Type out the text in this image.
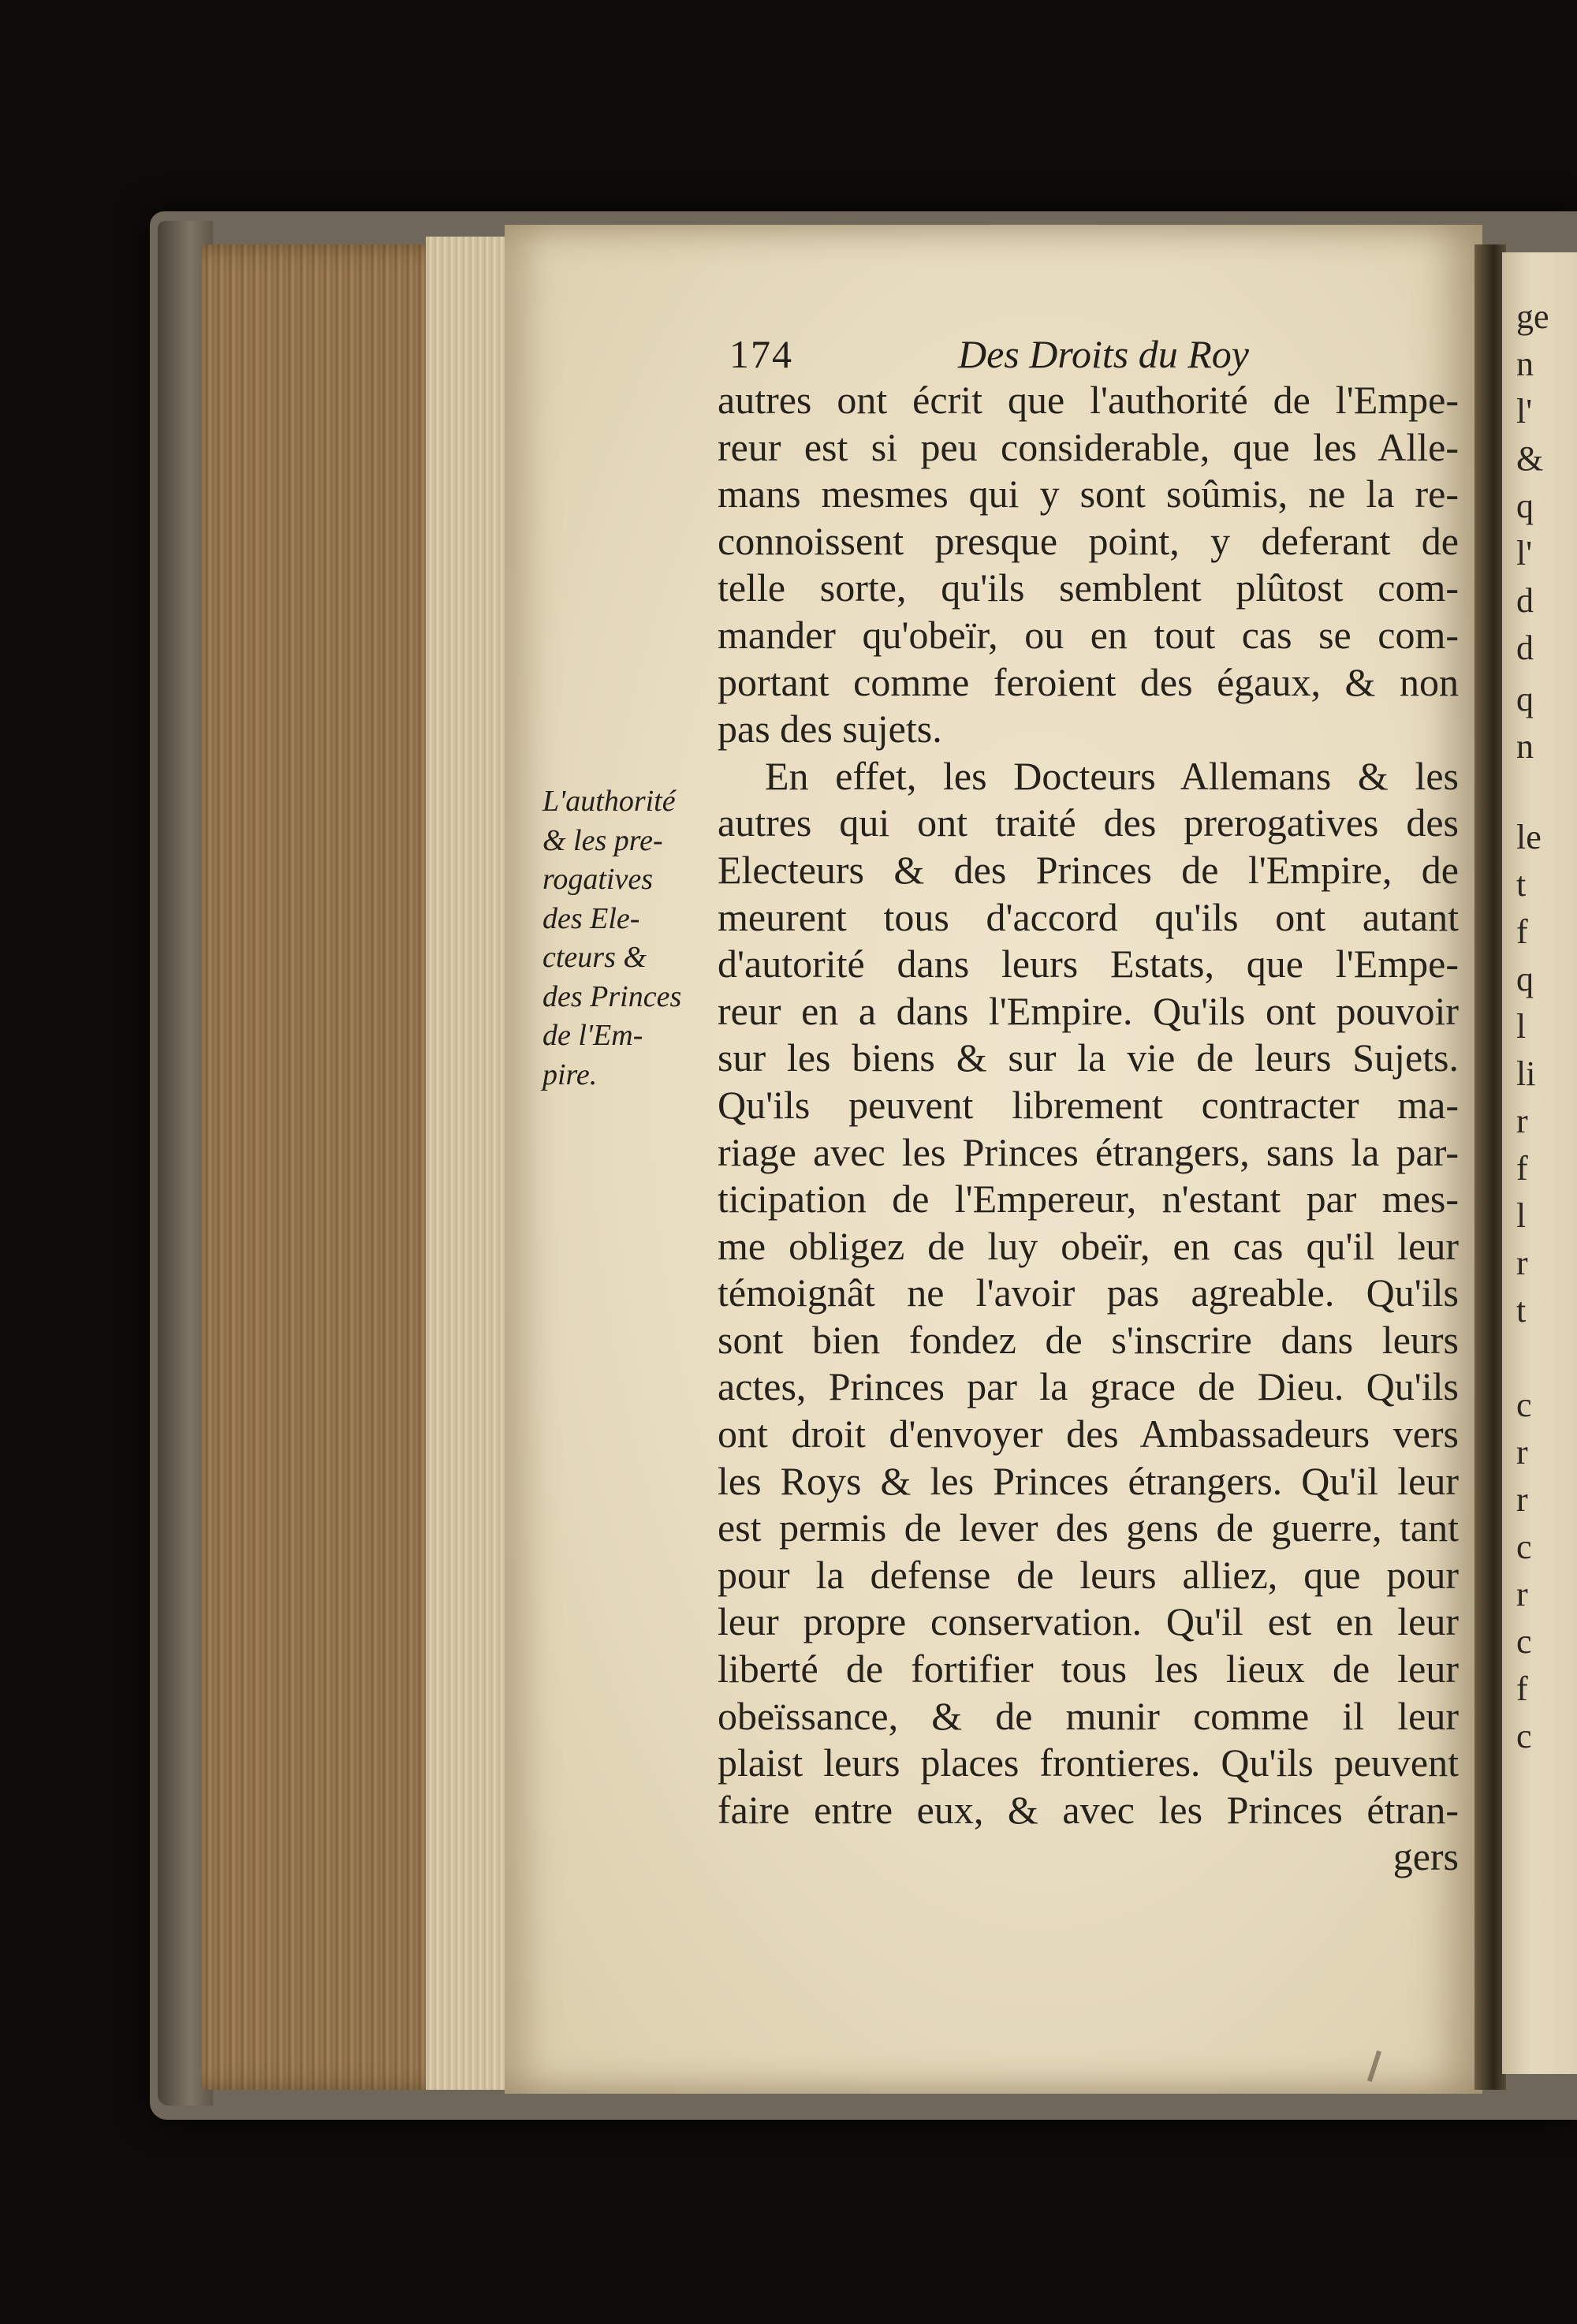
ge
n
l'
&
q
l'
d
d
q
n
le
t
f
q
l
li
r
f
l
r
t
c
r
r
c
r
c
f
c
174	Des Droits du Roy
L'authorité
& les pre-
rogatives
des Ele-
cteurs &
des Princes
de l'Em-
pire.
autres ont écrit que l'authorité de l'Empe-
reur est si peu considerable, que les Alle-
mans mesmes qui y sont soûmis, ne la re-
connoissent presque point, y deferant de
telle sorte, qu'ils semblent plûtost com-
mander qu'obeïr, ou en tout cas se com-
portant comme feroient des égaux, & non
pas des sujets.
En effet, les Docteurs Allemans & les
autres qui ont traité des prerogatives des
Electeurs & des Princes de l'Empire, de
meurent tous d'accord qu'ils ont autant
d'autorité dans leurs Estats, que l'Empe-
reur en a dans l'Empire. Qu'ils ont pouvoir
sur les biens & sur la vie de leurs Sujets.
Qu'ils peuvent librement contracter ma-
riage avec les Princes étrangers, sans la par-
ticipation de l'Empereur, n'estant par mes-
me obligez de luy obeïr, en cas qu'il leur
témoignât ne l'avoir pas agreable. Qu'ils
sont bien fondez de s'inscrire dans leurs
actes, Princes par la grace de Dieu. Qu'ils
ont droit d'envoyer des Ambassadeurs vers
les Roys & les Princes étrangers. Qu'il leur
est permis de lever des gens de guerre, tant
pour la defense de leurs alliez, que pour
leur propre conservation. Qu'il est en leur
liberté de fortifier tous les lieux de leur
obeïssance, & de munir comme il leur
plaist leurs places frontieres. Qu'ils peuvent
faire entre eux, & avec les Princes étran-
gers
